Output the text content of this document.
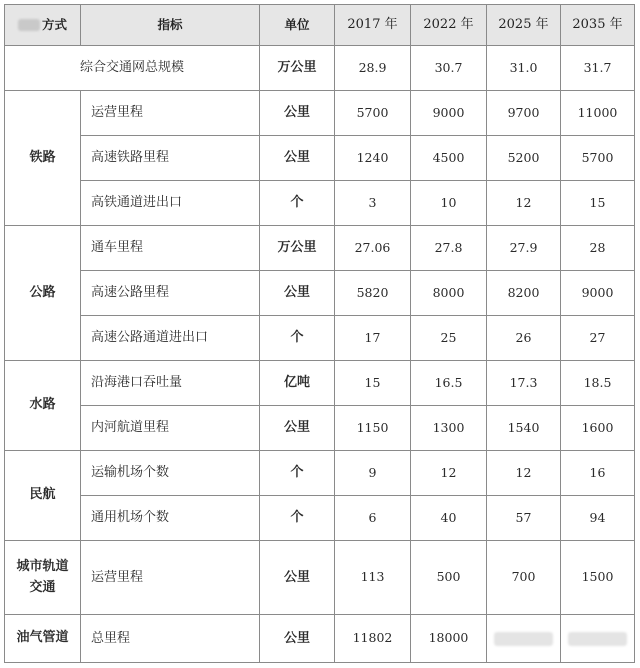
方式	指标	单位	2017 年	2022 年	2025 年	2035 年
综合交通网总规模		万公里	28.9	30.7	31.0	31.7

铁路	运营里程	公里	5700	9000	9700	11000
	高速铁路里程	公里	1240	4500	5200	5700
	高铁通道进出口	个	3	10	12	15

公路	通车里程	万公里	27.06	27.8	27.9	28
	高速公路里程	公里	5820	8000	8200	9000
	高速公路通道进出口	个	17	25	26	27

水路	沿海港口吞吐量	亿吨	15	16.5	17.3	18.5
	内河航道里程	公里	1150	1300	1540	1600

民航	运输机场个数	个	9	12	12	16
	通用机场个数	个	6	40	57	94

城市轨道
交通	运营里程	公里	113	500	700	1500

油气管道	总里程	公里	11802	18000		
